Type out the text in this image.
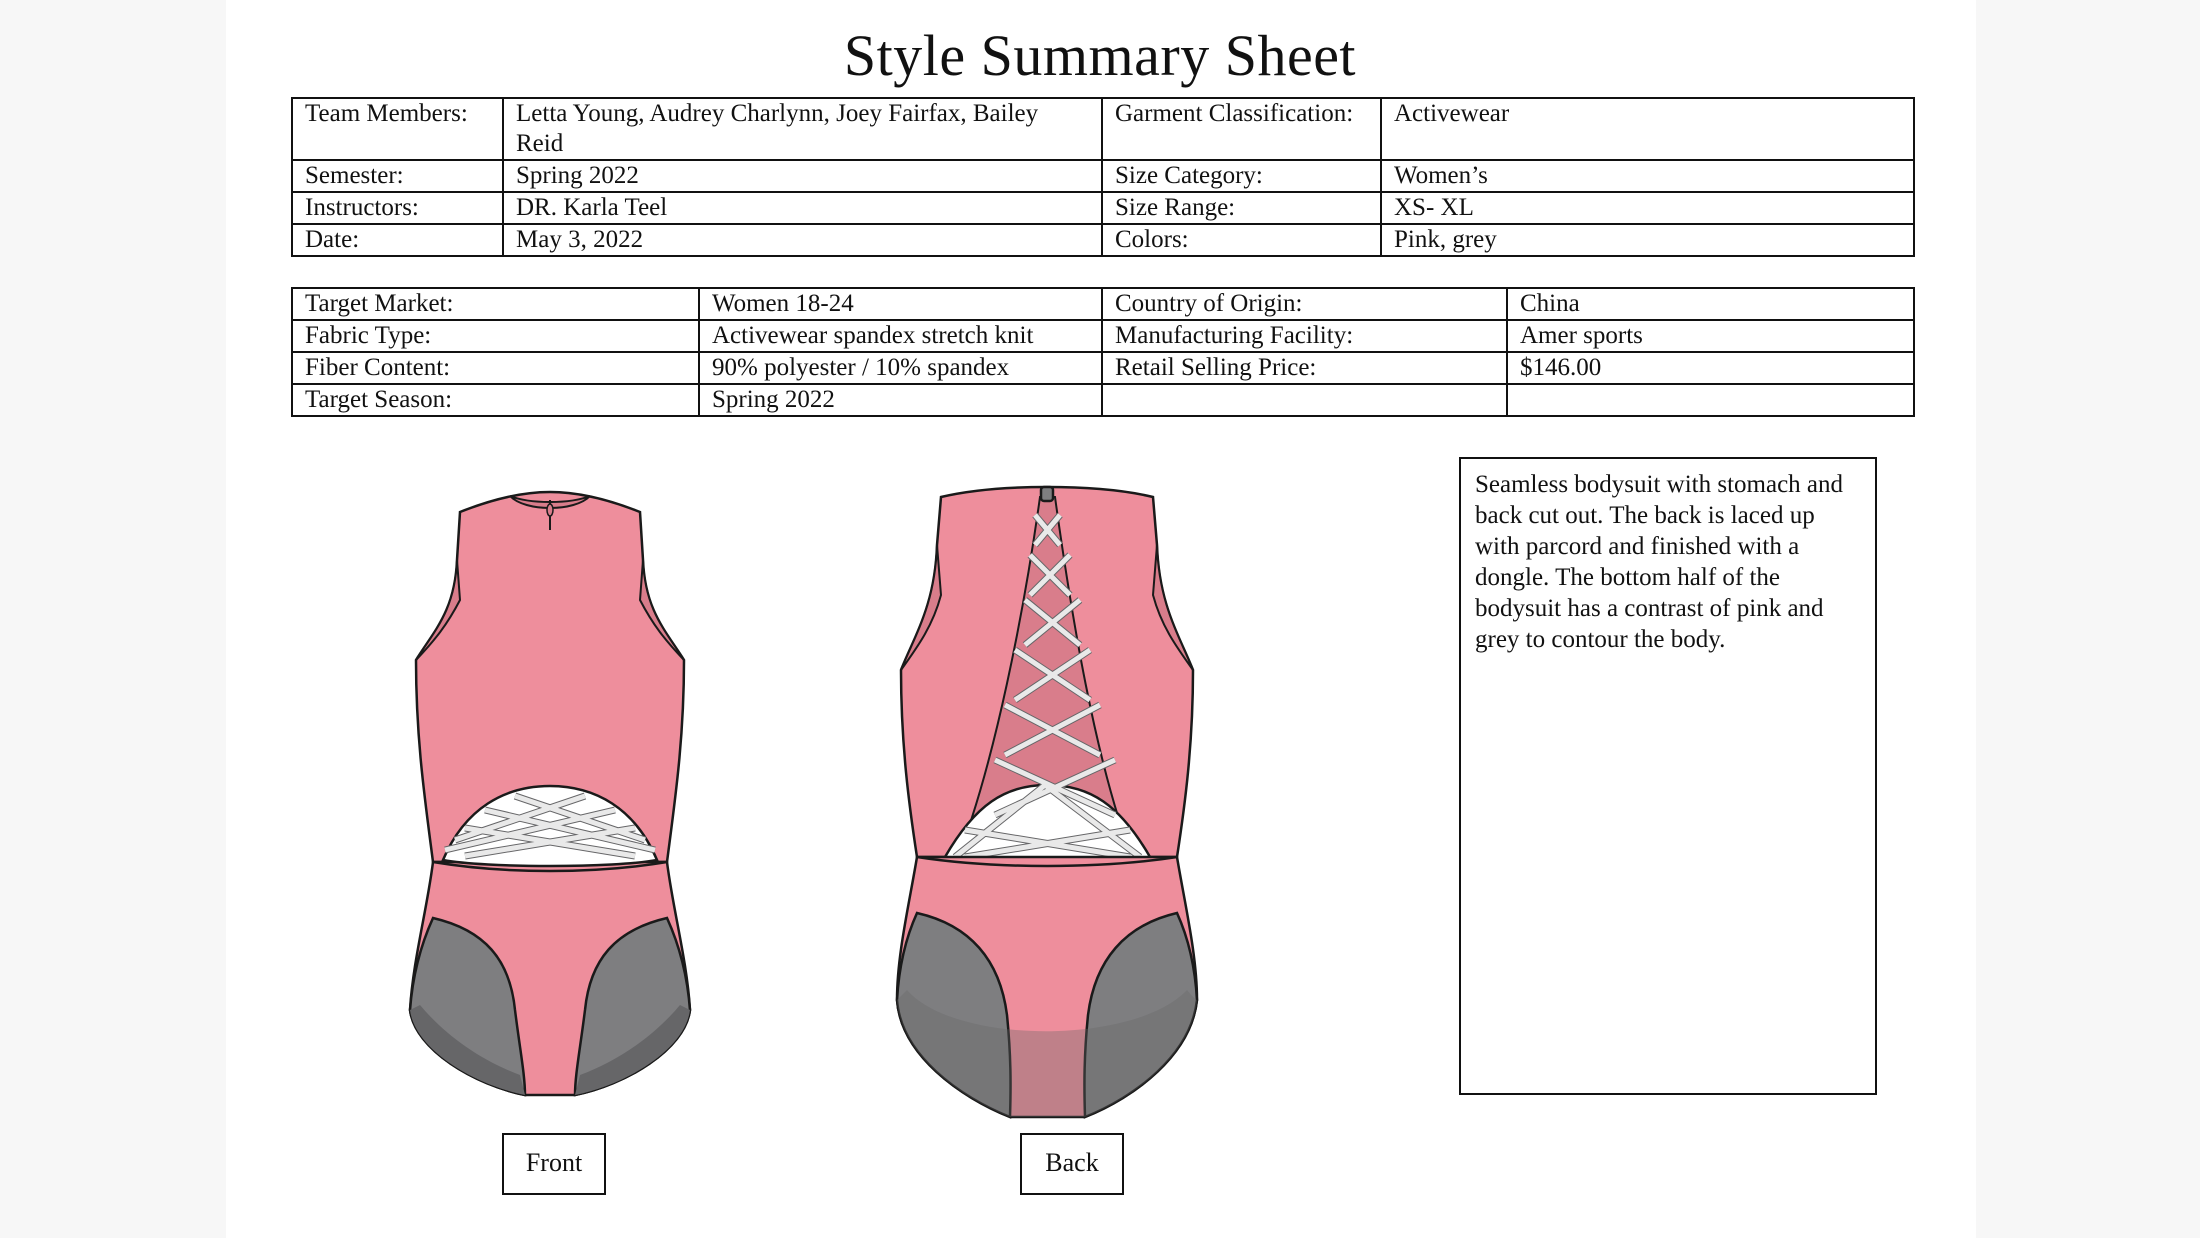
Style Summary Sheet
Team Members:	Letta Young, Audrey Charlynn, Joey Fairfax, Bailey Reid	Garment Classification:	Activewear
Semester:	Spring 2022	Size Category:	Women’s
Instructors:	DR. Karla Teel	Size Range:	XS- XL
Date:	May 3, 2022	Colors:	Pink, grey
Target Market:	Women 18-24	Country of Origin:	China
Fabric Type:	Activewear spandex stretch knit	Manufacturing Facility:	Amer sports
Fiber Content:	90% polyester / 10% spandex	Retail Selling Price:	$146.00
Target Season:	Spring 2022		
Front	Back
Seamless bodysuit with stomach and back cut out. The back is laced up with parcord and finished with a dongle. The bottom half of the bodysuit has a contrast of pink and grey to contour the body.
